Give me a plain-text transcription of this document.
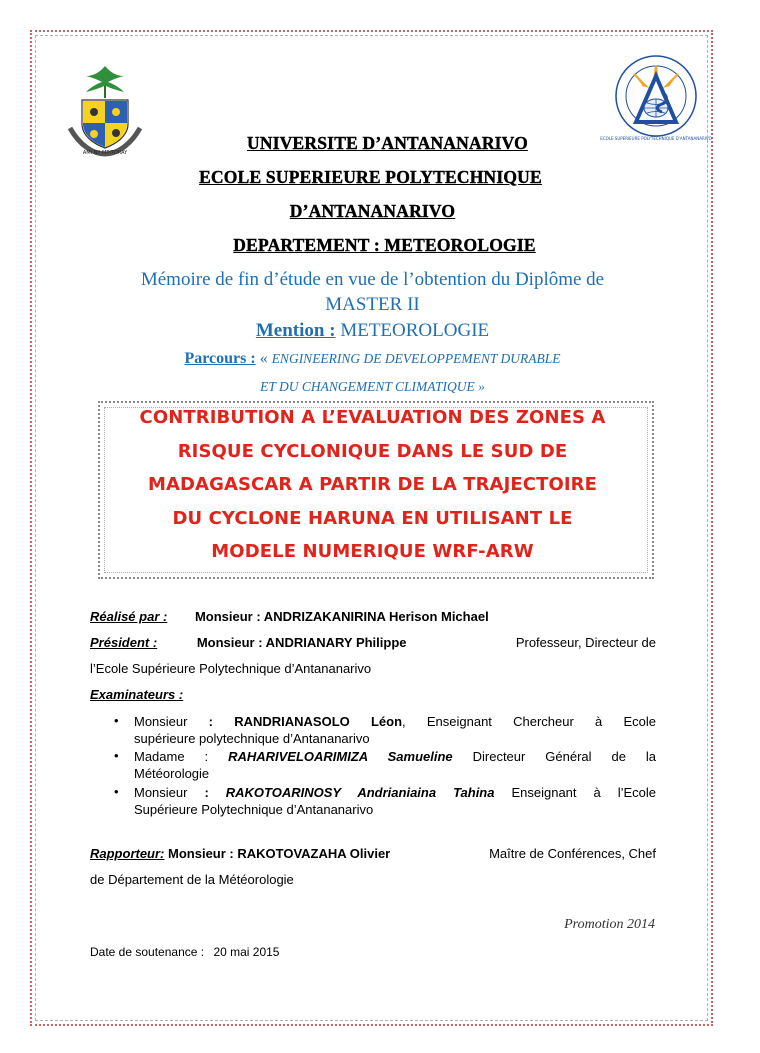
AMI NY MPITORAY
ECOLE SUPERIEURE POLYTECHNIQUE D'ANTANANARIVO
UNIVERSITE D’ANTANANARIVO
ECOLE SUPERIEURE POLYTECHNIQUE
D’ANTANANARIVO
DEPARTEMENT : METEOROLOGIE
Mémoire de fin d’étude en vue de l’obtention du Diplôme de
MASTER II
Mention : METEOROLOGIE
Parcours : « ENGINEERING DE DEVELOPPEMENT DURABLE
ET DU CHANGEMENT CLIMATIQUE »
CONTRIBUTION A L’EVALUATION DES ZONES A
RISQUE CYCLONIQUE DANS LE SUD DE
MADAGASCAR A PARTIR DE LA TRAJECTOIRE
DU CYCLONE HARUNA EN UTILISANT LE
MODELE NUMERIQUE WRF-ARW
Réalisé par : Monsieur : ANDRIZAKANIRINA Herison Michael
Président :	Monsieur : ANDRIANARY Philippe	Professeur, Directeur de
l’Ecole Supérieure Polytechnique d’Antananarivo
Examinateurs :
• Monsieur : RANDRIANASOLO Léon, Enseignant Chercheur à Ecole
supérieure polytechnique d’Antananarivo
• Madame : RAHARIVELOARIMIZA Samueline Directeur Général de la
Météorologie
• Monsieur : RAKOTOARINOSY Andrianiaina Tahina Enseignant à l’Ecole
Supérieure Polytechnique d’Antananarivo
Rapporteur: Monsieur : RAKOTOVAZAHA Olivier	Maître de Conférences, Chef
de Département de la Météorologie
Promotion 2014
Date de soutenance : 20 mai 2015
